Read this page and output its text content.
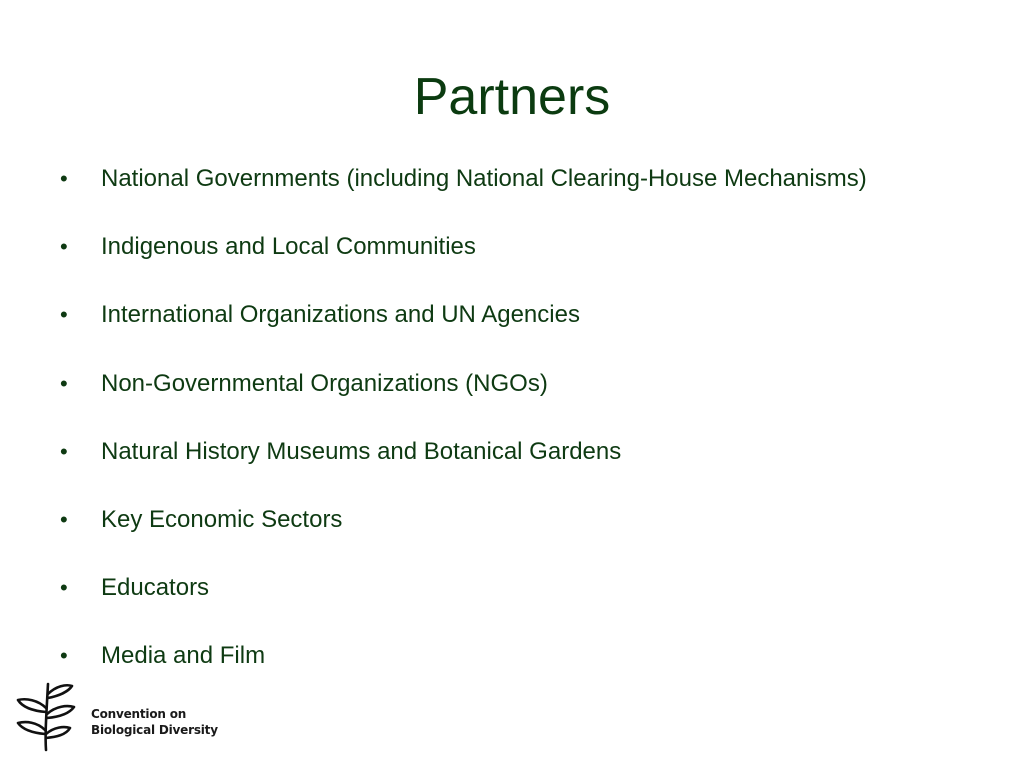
Partners
•	National Governments (including National Clearing-House Mechanisms)
•	Indigenous and Local Communities
•	International Organizations and UN Agencies
•	Non-Governmental Organizations (NGOs)
•	Natural History Museums and Botanical Gardens
•	Key Economic Sectors
•	Educators
•	Media and Film
Convention on
Biological Diversity
